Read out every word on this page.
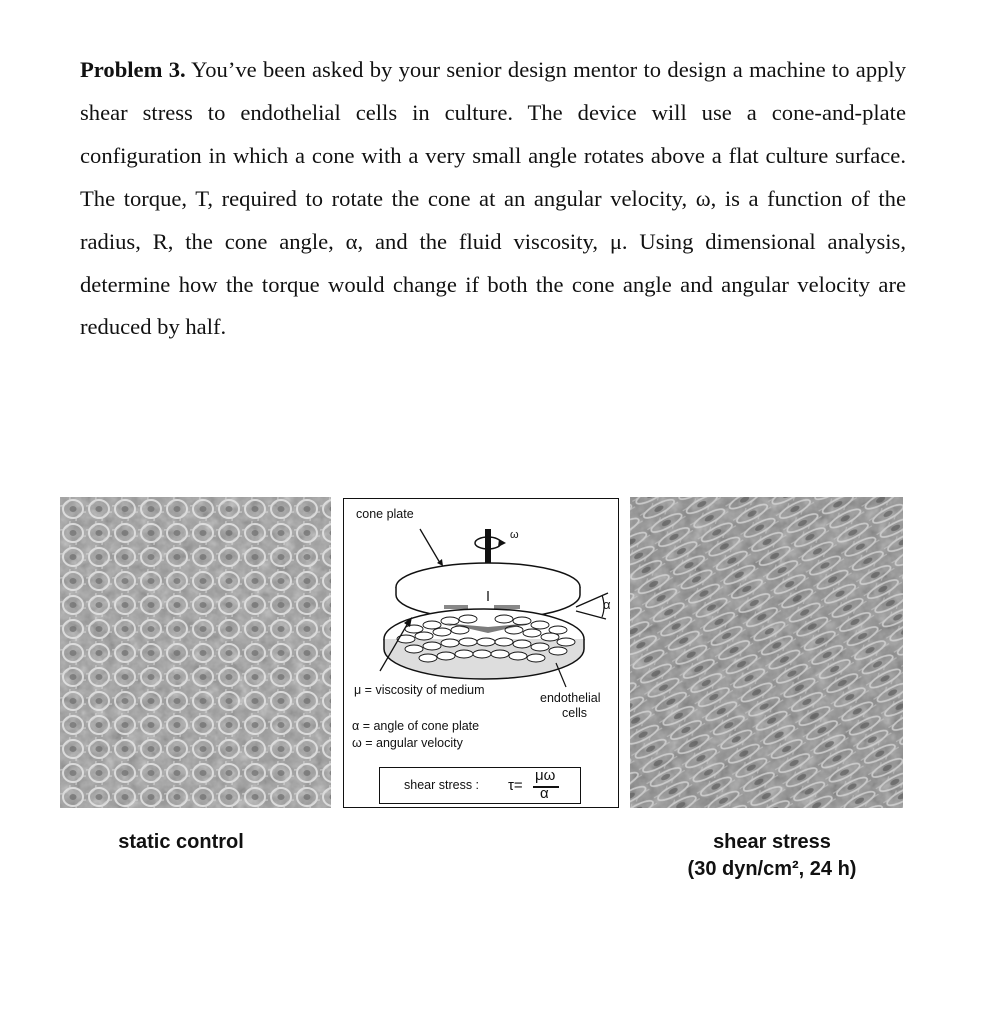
Problem 3. You’ve been asked by your senior design mentor to design a machine to apply shear stress to endothelial cells in culture. The device will use a cone-and-plate configuration in which a cone with a very small angle rotates above a flat culture surface. The torque, T, required to rotate the cone at an angular velocity, ω, is a function of the radius, R, the cone angle, α, and the fluid viscosity, μ. Using dimensional analysis, determine how the torque would change if both the cone angle and angular velocity are reduced by half.
cone plate
ω
α
μ = viscosity of medium
endothelial
cells
α = angle of cone plate
ω = angular velocity
shear stress : τ=
μω
α
static control	shear stress
(30 dyn/cm², 24 h)
